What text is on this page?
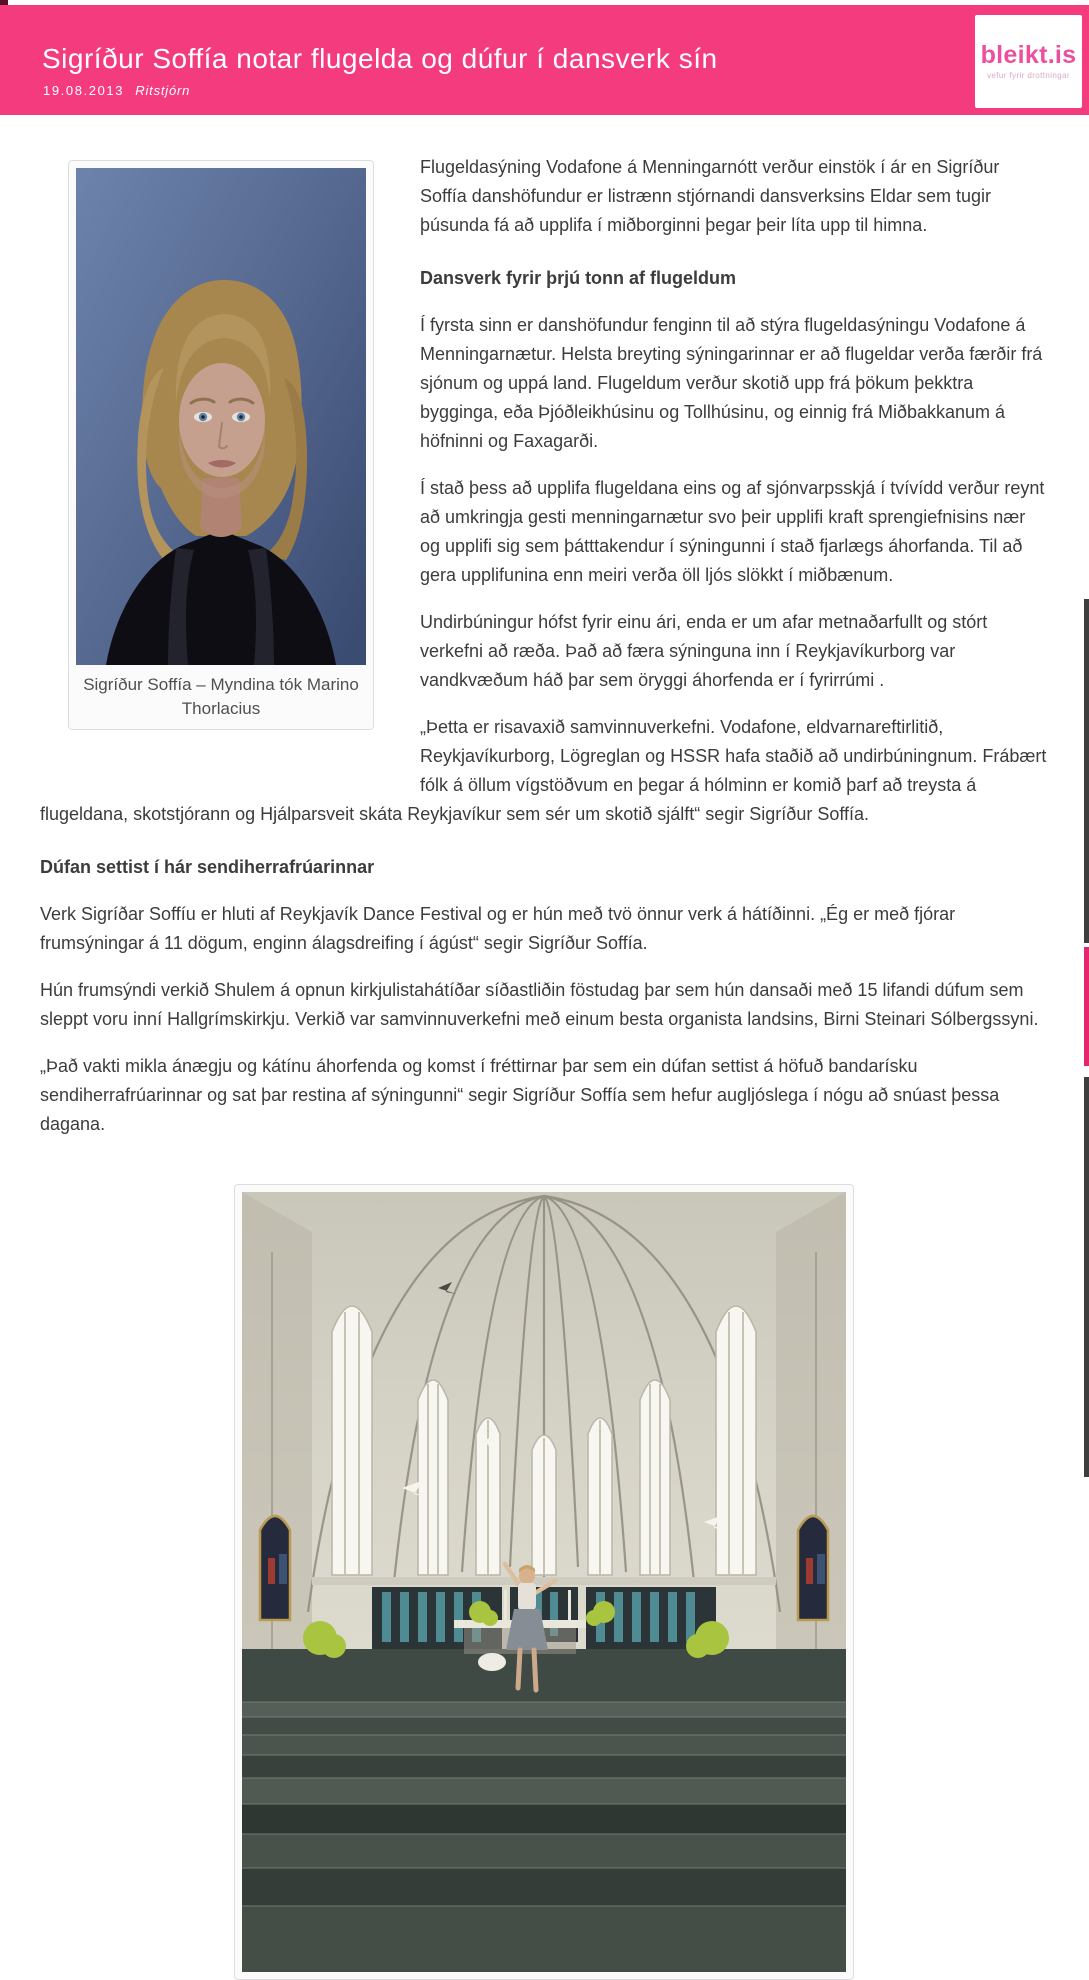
Sigríður Soffía notar flugelda og dúfur í dansverk sín
19.08.2013 Ritstjórn
bleikt.is
vefur fyrir drottningar
Sigríður Soffía – Myndina tók Marino Thorlacius

Flugeldasýning Vodafone á Menningarnótt verður einstök í ár en Sigríður Soffía danshöfundur er listrænn stjórnandi dansverksins Eldar sem tugir þúsunda fá að upplifa í miðborginni þegar þeir líta upp til himna.

Dansverk fyrir þrjú tonn af flugeldum

Í fyrsta sinn er danshöfundur fenginn til að stýra flugeldasýningu Vodafone á Menningarnætur. Helsta breyting sýningarinnar er að flugeldar verða færðir frá sjónum og uppá land. Flugeldum verður skotið upp frá þökum þekktra bygginga, eða Þjóðleikhúsinu og Tollhúsinu, og einnig frá Miðbakkanum á höfninni og Faxagarði.

Í stað þess að upplifa flugeldana eins og af sjónvarpsskjá í tvívídd verður reynt að umkringja gesti menningarnætur svo þeir upplifi kraft sprengiefnisins nær og upplifi sig sem þátttakendur í sýningunni í stað fjarlægs áhorfanda. Til að gera upplifunina enn meiri verða öll ljós slökkt í miðbænum.

Undirbúningur hófst fyrir einu ári, enda er um afar metnaðarfullt og stórt verkefni að ræða. Það að færa sýninguna inn í Reykjavíkurborg var vandkvæðum háð þar sem öryggi áhorfenda er í fyrirrúmi .

„Þetta er risavaxið samvinnuverkefni. Vodafone, eldvarnareftirlitið, Reykjavíkurborg, Lögreglan og HSSR hafa staðið að undirbúningnum. Frábært fólk á öllum vígstöðvum en þegar á hólminn er komið þarf að treysta á flugeldana, skotstjórann og Hjálparsveit skáta Reykjavíkur sem sér um skotið sjálft“ segir Sigríður Soffía.

Dúfan settist í hár sendiherrafrúarinnar

Verk Sigríðar Soffíu er hluti af Reykjavík Dance Festival og er hún með tvö önnur verk á hátíðinni. „Ég er með fjórar frumsýningar á 11 dögum, enginn álagsdreifing í ágúst“ segir Sigríður Soffía.

Hún frumsýndi verkið Shulem á opnun kirkjulistahátíðar síðastliðin föstudag þar sem hún dansaði með 15 lifandi dúfum sem sleppt voru inní Hallgrímskirkju. Verkið var samvinnuverkefni með einum besta organista landsins, Birni Steinari Sólbergssyni.

„Það vakti mikla ánægju og kátínu áhorfenda og komst í fréttirnar þar sem ein dúfan settist á höfuð bandarísku sendiherrafrúarinnar og sat þar restina af sýningunni“ segir Sigríður Soffía sem hefur augljóslega í nógu að snúast þessa dagana.
